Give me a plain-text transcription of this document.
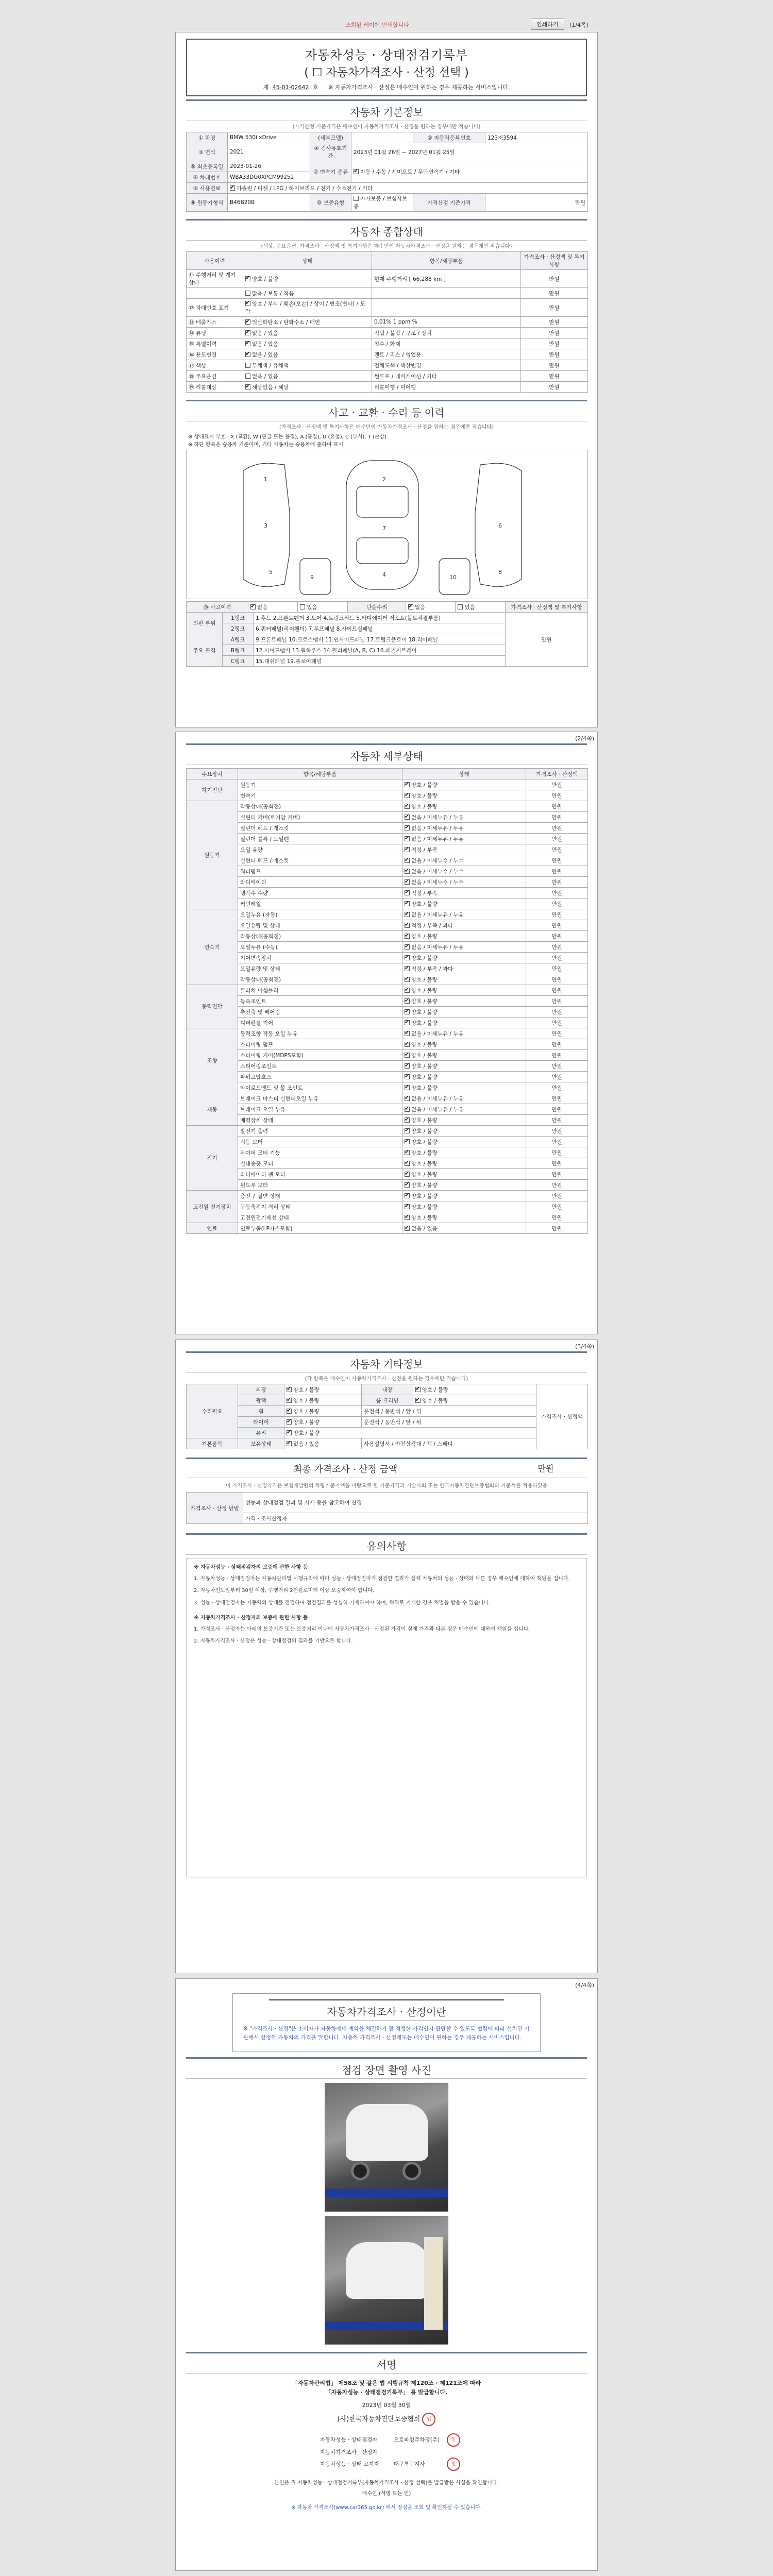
조회된 레이에 인쇄합니다	인쇄하기	(1/4쪽)
자동차성능 · 상태점검기록부
( ☐ 자동차가격조사 · 산정 선택 )
제 45-01-02642 호 ※ 자동차가격조사 · 산정은 매수인이 원하는 경우 제공하는 서비스입니다.
자동차 기본정보
(가격산정 기준가격은 매수인이 자동차가격조사 · 산정을 원하는 경우에만 적습니다)
① 차명	BMW 530i xDrive	(세부모델)		② 자동차등록번호	123저3594
③ 연식	2021	④ 검사유효기간	2023년 01월 26일 ~ 2027년 01월 25일		
⑤ 최초등록일	2023-01-26	⑦ 변속기 종류	✔자동 / 수동 / 세미오토 / 무단변속기 / 기타
⑥ 차대번호	WBA33DG0XPCM99252				
⑧ 사용연료	✔가솔린 / 디젤 / LPG / 하이브리드 / 전기 / 수소전기 / 기타
⑨ 원동기형식	B46B20B	⑩ 보증유형	자가보증 / 보험사보증	가격산정 기준가격	만원
자동차 종합상태
(색상, 주요옵션, 가격조사 · 산정액 및 특기사항은 매수인이 자동차가격조사 · 산정을 원하는 경우에만 적습니다)
사용이력	상태	항목/해당부품	가격조사 · 산정액 및 특기사항
⑪ 주행거리 및 계기상태	✔양호 / 불량	현재 주행거리 [ 66,288 km ]	만원
	많음 / 보통 / 적음		만원
⑫ 차대번호 표기	✔양호 / 부식 / 훼손(오손) / 상이 / 변조(변타) / 도말		만원
⑬ 배출가스	✔일산화탄소 / 탄화수소 / 매연	0.01% 1 ppm %	만원
⑭ 튜닝	✔없음 / 있음	적법 / 불법 / 구조 / 장치	만원
⑮ 특별이력	✔없음 / 있음	침수 / 화재	만원
⑯ 용도변경	✔없음 / 있음	렌트 / 리스 / 영업용	만원
⑰ 색상	무채색 / 유채색	전체도색 / 색상변경	만원
⑱ 주요옵션	없음 / 있음	썬루프 / 네비게이션 / 기타	만원
⑲ 리콜대상	✔해당없음 / 해당	리콜이행 / 미이행	만원
사고 · 교환 · 수리 등 이력
(가격조사 · 산정액 및 특기사항은 매수인이 자동차가격조사 · 산정을 원하는 경우에만 적습니다)
※ 상태표시 부호 : X (교환), W (판금 또는 용접), A (흠집), U (요철), C (부식), T (손상)
※ 하단 항목은 승용차 기준이며, 기타 자동차는 승용차에 준하여 표시
1
3
2
7
4
6
8
9	10
5
⑳ 사고이력	✔없음	있음	단순수리	✔없음	있음	가격조사 · 산정액 및 특기사항
외판 부위	1랭크	1.후드 2.프론트휀더 3.도어 4.트렁크리드 5.라디에이터 서포트(볼트체결부품)	만원
	2랭크	6.쿼터패널(리어휀더) 7.루프패널 8.사이드실패널	
주요 골격	A랭크	9.프론트패널 10.크로스멤버 11.인사이드패널 17.트렁크플로어 18.리어패널	
	B랭크	12.사이드멤버 13.휠하우스 14.필러패널(A, B, C) 16.패키지트레이	
	C랭크	15.대쉬패널 19.플로어패널	
(2/4쪽)
자동차 세부상태
주요장치	항목/해당부품	상태	가격조사 · 산정액
자기진단	원동기	✔양호 / 불량	만원
	변속기	✔양호 / 불량	만원
원동기	작동상태(공회전)	✔양호 / 불량	만원
	실린더 커버(로커암 커버)	✔없음 / 미세누유 / 누유	만원
	실린더 헤드 / 개스킷	✔없음 / 미세누유 / 누유	만원
	실린더 블록 / 오일팬	✔없음 / 미세누유 / 누유	만원
	오일 유량	✔적정 / 부족	만원
	실린더 헤드 / 개스킷	✔없음 / 미세누수 / 누수	만원
	워터펌프	✔없음 / 미세누수 / 누수	만원
	라디에이터	✔없음 / 미세누수 / 누수	만원
	냉각수 수량	✔적정 / 부족	만원
	커먼레일	✔양호 / 불량	만원
변속기	오일누유 (자동)	✔없음 / 미세누유 / 누유	만원
	오일유량 및 상태	✔적정 / 부족 / 과다	만원
	작동상태(공회전)	✔양호 / 불량	만원
	오일누유 (수동)	✔없음 / 미세누유 / 누유	만원
	기어변속장치	✔양호 / 불량	만원
	오일유량 및 상태	✔적정 / 부족 / 과다	만원
	작동상태(공회전)	✔양호 / 불량	만원
동력전달	클러치 어셈블리	✔양호 / 불량	만원
	등속조인트	✔양호 / 불량	만원
	추진축 및 베어링	✔양호 / 불량	만원
	디퍼렌셜 기어	✔양호 / 불량	만원
조향	동력조향 작동 오일 누유	✔없음 / 미세누유 / 누유	만원
	스티어링 펌프	✔양호 / 불량	만원
	스티어링 기어(MDPS포함)	✔양호 / 불량	만원
	스티어링조인트	✔양호 / 불량	만원
	파워고압호스	✔양호 / 불량	만원
	타이로드엔드 및 볼 조인트	✔양호 / 불량	만원
제동	브레이크 마스터 실린더오일 누유	✔없음 / 미세누유 / 누유	만원
	브레이크 오일 누유	✔없음 / 미세누유 / 누유	만원
	배력장치 상태	✔양호 / 불량	만원
전기	발전기 출력	✔양호 / 불량	만원
	시동 모터	✔양호 / 불량	만원
	와이퍼 모터 기능	✔양호 / 불량	만원
	실내송풍 모터	✔양호 / 불량	만원
	라디에이터 팬 모터	✔양호 / 불량	만원
	윈도우 모터	✔양호 / 불량	만원
고전원 전기장치	충전구 절연 상태	✔양호 / 불량	만원
	구동축전지 격리 상태	✔양호 / 불량	만원
	고전원전기배선 상태	✔양호 / 불량	만원
연료	연료누출(LP가스포함)	✔없음 / 있음	만원
(3/4쪽)
자동차 기타정보
(각 항목은 매수인이 자동차가격조사 · 산정을 원하는 경우에만 적습니다)
수리필요	외장	✔양호 / 불량	내장	✔양호 / 불량	가격조사 · 산정액
	광택	✔양호 / 불량	룸 크리닝	✔양호 / 불량
	휠	✔양호 / 불량	운전석 / 동반석 / 앞 / 뒤		
	타이어	✔양호 / 불량	운전석 / 동반석 / 앞 / 뒤		
	유리	✔양호 / 불량
기본품목	보유상태	✔없음 / 있음	사용설명서 / 안전삼각대 / 잭 / 스패너		
최종 가격조사 · 산정 금액	만원
이 가격조사 · 산정가격은 보험개발원의 차량기준가액을 바탕으로 한 기준가격과 기술사회 또는 한국자동차진단보증협회의 기준서를 적용하였음
가격조사 · 산정 방법	성능과 상태점검 결과 및 시세 등을 참고하여 산정
가격 · 조사산정자
유의사항
※ 자동차성능 · 상태점검자의 보증에 관한 사항 등
1. 자동차성능 · 상태점검자는 자동차관리법 시행규칙에 따라 성능 · 상태점검자가 점검한 결과가 실제 자동차의 성능 · 상태와 다른 경우 매수인에 대하여 책임을 집니다.
2. 자동차인도일부터 30일 이상, 주행거리 2천킬로미터 이상 보증하여야 합니다.
3. 성능 · 상태점검자는 자동차의 상태를 점검하여 점검결과를 성실히 기재하여야 하며, 허위로 기재한 경우 처벌을 받을 수 있습니다.
※ 자동차가격조사 · 산정자의 보증에 관한 사항 등
1. 가격조사 · 산정자는 아래의 보증기간 또는 보증거리 이내에 자동차가격조사 · 산정된 가격이 실제 가격과 다른 경우 매수인에 대하여 책임을 집니다.
2. 자동차가격조사 · 산정은 성능 · 상태점검의 결과를 기반으로 합니다.
(4/4쪽)
자동차가격조사 · 산정이란
※ "가격조사 · 산정"은 소비자가 자동차매매 계약을 체결하기 전 적정한 가격인지 판단할 수 있도록 법령에 따라 설치된 기관에서 산정한 자동차의 가격을 말합니다. 자동차 가격조사 · 산정제도는 매수인이 원하는 경우 제공하는 서비스입니다.
점검 장면 촬영 사진
서명
「자동차관리법」 제58조 및 같은 법 시행규칙 제120조 · 제121조에 따라
「자동차성능 · 상태점검기록부」 를 발급합니다.
2023년 03월 30일
(사)한국자동차진단보증협회 인
자동차성능 · 상태점검자	오토파킹주차장(주)	인
자동차가격조사 · 산정자		
자동차성능 · 상태 고지자	대구북구지사	인
본인은 위 자동차성능 · 상태점검기록부(자동차가격조사 · 산정 선택)를 발급받은 사실을 확인합니다.
매수인 (서명 또는 인)
※ 자동차 가격조사(www.car365.go.kr) 에서 점검을 조회 및 확인하실 수 있습니다.
